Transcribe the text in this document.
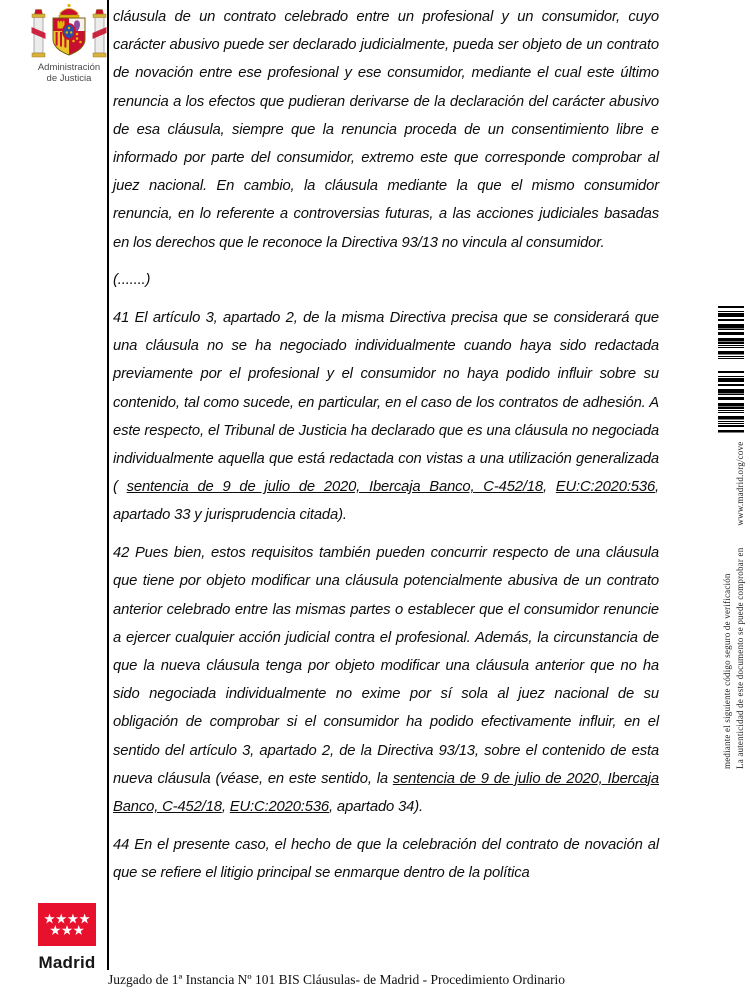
Administración
de Justicia
Madrid

cláusula de un contrato celebrado entre un profesional y un consumidor, cuyo carácter abusivo puede ser declarado judicialmente, pueda ser objeto de un contrato de novación entre ese profesional y ese consumidor, mediante el cual este último renuncia a los efectos que pudieran derivarse de la declaración del carácter abusivo de esa cláusula, siempre que la renuncia proceda de un consentimiento libre e informado por parte del consumidor, extremo este que corresponde comprobar al juez nacional. En cambio, la cláusula mediante la que el mismo consumidor renuncia, en lo referente a controversias futuras, a las acciones judiciales basadas en los derechos que le reconoce la Directiva 93/13 no vincula al consumidor.

(.......)

41 El artículo 3, apartado 2, de la misma Directiva precisa que se considerará que una cláusula no se ha negociado individualmente cuando haya sido redactada previamente por el profesional y el consumidor no haya podido influir sobre su contenido, tal como sucede, en particular, en el caso de los contratos de adhesión. A este respecto, el Tribunal de Justicia ha declarado que es una cláusula no negociada individualmente aquella que está redactada con vistas a una utilización generalizada ( sentencia de 9 de julio de 2020, Ibercaja Banco, C-452/18, EU:C:2020:536, apartado 33 y jurisprudencia citada).

42 Pues bien, estos requisitos también pueden concurrir respecto de una cláusula que tiene por objeto modificar una cláusula potencialmente abusiva de un contrato anterior celebrado entre las mismas partes o establecer que el consumidor renuncie a ejercer cualquier acción judicial contra el profesional. Además, la circunstancia de que la nueva cláusula tenga por objeto modificar una cláusula anterior que no ha sido negociada individualmente no exime por sí sola al juez nacional de su obligación de comprobar si el consumidor ha podido efectivamente influir, en el sentido del artículo 3, apartado 2, de la Directiva 93/13, sobre el contenido de esta nueva cláusula (véase, en este sentido, la sentencia de 9 de julio de 2020, Ibercaja Banco, C-452/18, EU:C:2020:536, apartado 34).

44 En el presente caso, el hecho de que la celebración del contrato de novación al que se refiere el litigio principal se enmarque dentro de la política

Juzgado de 1ª Instancia Nº 101 BIS Cláusulas- de Madrid - Procedimiento Ordinario
La autenticidad de este documento se puede comprobar enwww.madrid.org/cove
mediante el siguiente código seguro de verificación
